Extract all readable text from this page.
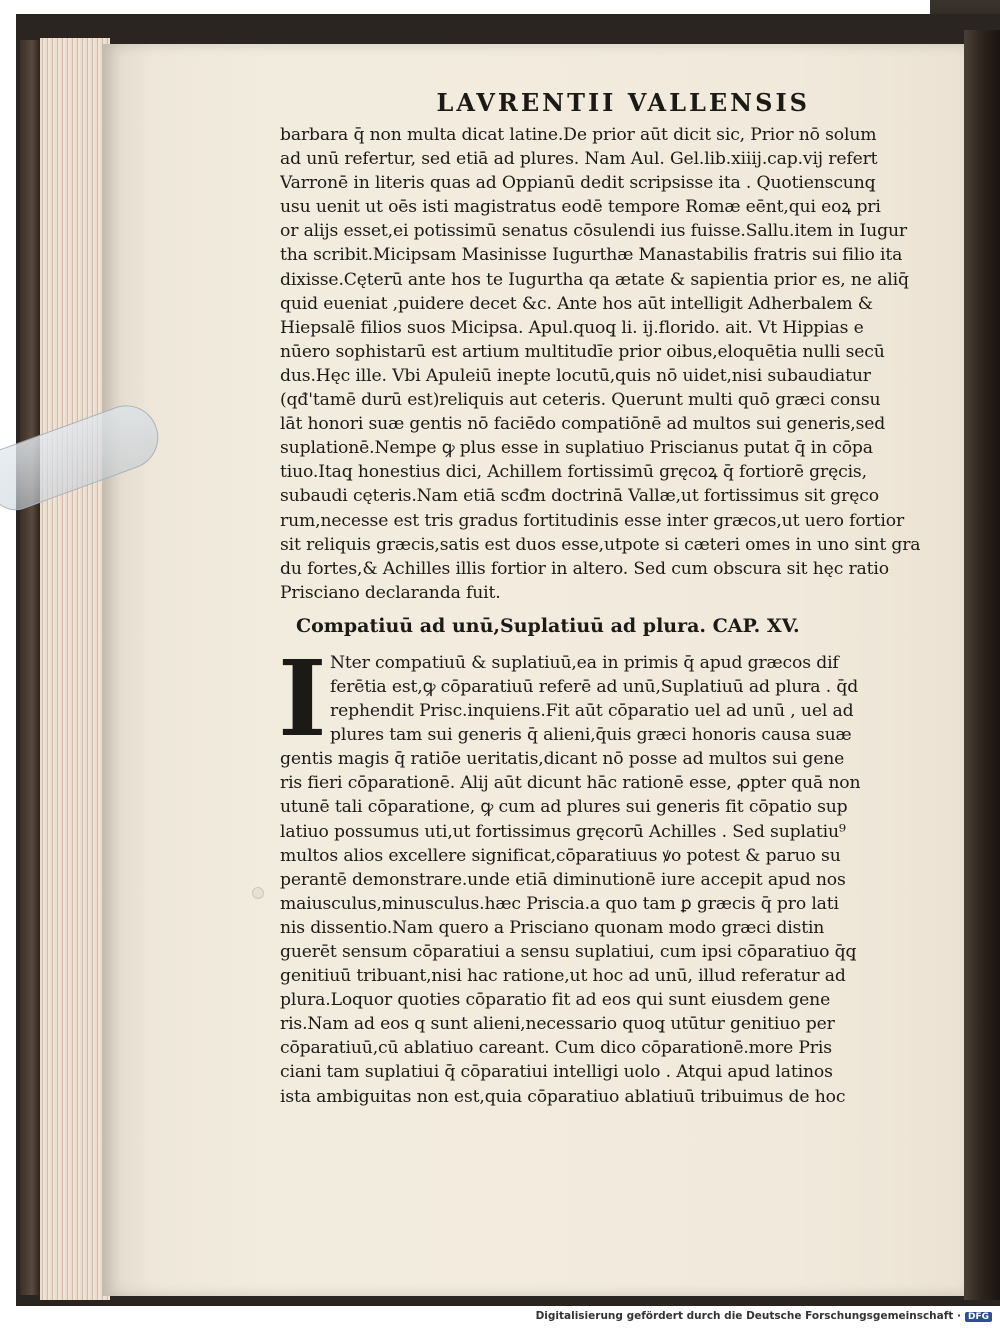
LAVRENTII VALLENSIS
barbara q̄ non multa dicat latine.De prior aūt dicit sic, Prior nō solum
ad unū refertur, sed etiā ad plures. Nam Aul. Gel.lib.xiiij.cap.vij refert
Varronē in literis quas ad Oppianū dedit scripsisse ita . Quotienscunq̧
usu uenit ut oēs isti magistratus eodē tempore Romæ eēnt,qui eoꝝ pri
or alijs esset,ei potissimū senatus cōsulendi ius fuisse.Sallu.item in Iugur
tha scribit.Micipsam Masinisse Iugurthæ Manastabilis fratris sui filio ita
dixisse.Cęterū ante hos te Iugurtha qa ætate & sapientia prior es, ne aliq̄
quid eueniat ,puidere decet &c. Ante hos aūt intelligit Adherbalem &
Hiepsalē filios suos Micipsa. Apul.quoq̧ li. ij.florido. ait. Vt Hippias e
nūero sophistarū est artium multitudīe prior oibus,eloquētia nulli secū
dus.Hęc ille. Vbi Apuleiū inepte locutū,quis nō uidet,nisi subaudiatur
(qđ'tamē durū est)reliquis aut ceteris. Querunt multi quō græci consu
lāt honori suæ gentis nō faciēdo compatiōnē ad multos sui generis,sed
suplationē.Nempe ꝙ plus esse in suplatiuo Priscianus putat q̄ in cōpa
tiuo.Itaq̧ honestius dici, Achillem fortissimū gręcoꝝ q̄ fortiorē gręcis,
subaudi cęteris.Nam etiā scđm doctrinā Vallæ,ut fortissimus sit gręco
rum,necesse est tris gradus fortitudinis esse inter græcos,ut uero fortior
sit reliquis græcis,satis est duos esse,utpote si cæteri omes in uno sint gra
du fortes,& Achilles illis fortior in altero. Sed cum obscura sit hęc ratio
Prisciano declaranda fuit.
Compatiuū ad unū,Suplatiuū ad plura. CAP. XV.
I Nter compatiuū & suplatiuū,ea in primis q̄ apud græcos dif
ferētia est,ꝙ cōparatiuū referē ad unū,Suplatiuū ad plura . q̄d
rephendit Prisc.inquiens.Fit aūt cōparatio uel ad unū , uel ad
plures tam sui generis q̄ alieni,q̄uis græci honoris causa suæ
gentis magis q̄ ratiōe ueritatis,dicant nō posse ad multos sui gene
ris fieri cōparationē. Alij aūt dicunt hāc rationē esse, ꝓpter quā non
utunē tali cōparatione, ꝙ cum ad plures sui generis fit cōpatio sup
latiuo possumus uti,ut fortissimus gręcorū Achilles . Sed suplatiu⁹
multos alios excellere significat,cōparatiuus ꝟo potest & paruo su
perantē demonstrare.unde etiā diminutionē iure accepit apud nos
maiusculus,minusculus.hæc Priscia.a quo tam ꝑ græcis q̄ pro lati
nis dissentio.Nam quero a Prisciano quonam modo græci distin
guerēt sensum cōparatiui a sensu suplatiui, cum ipsi cōparatiuo q̄q̧
genitiuū tribuant,nisi hac ratione,ut hoc ad unū, illud referatur ad
plura.Loquor quoties cōparatio fit ad eos qui sunt eiusdem gene
ris.Nam ad eos q sunt alieni,necessario quoq̧ utūtur genitiuo per
cōparatiuū,cū ablatiuo careant. Cum dico cōparationē.more Pris
ciani tam suplatiui q̄ cōparatiui intelligi uolo . Atqui apud latinos
ista ambiguitas non est,quia cōparatiuo ablatiuū tribuimus de hoc
Digitalisierung gefördert durch die Deutsche Forschungsgemeinschaft · DFG
